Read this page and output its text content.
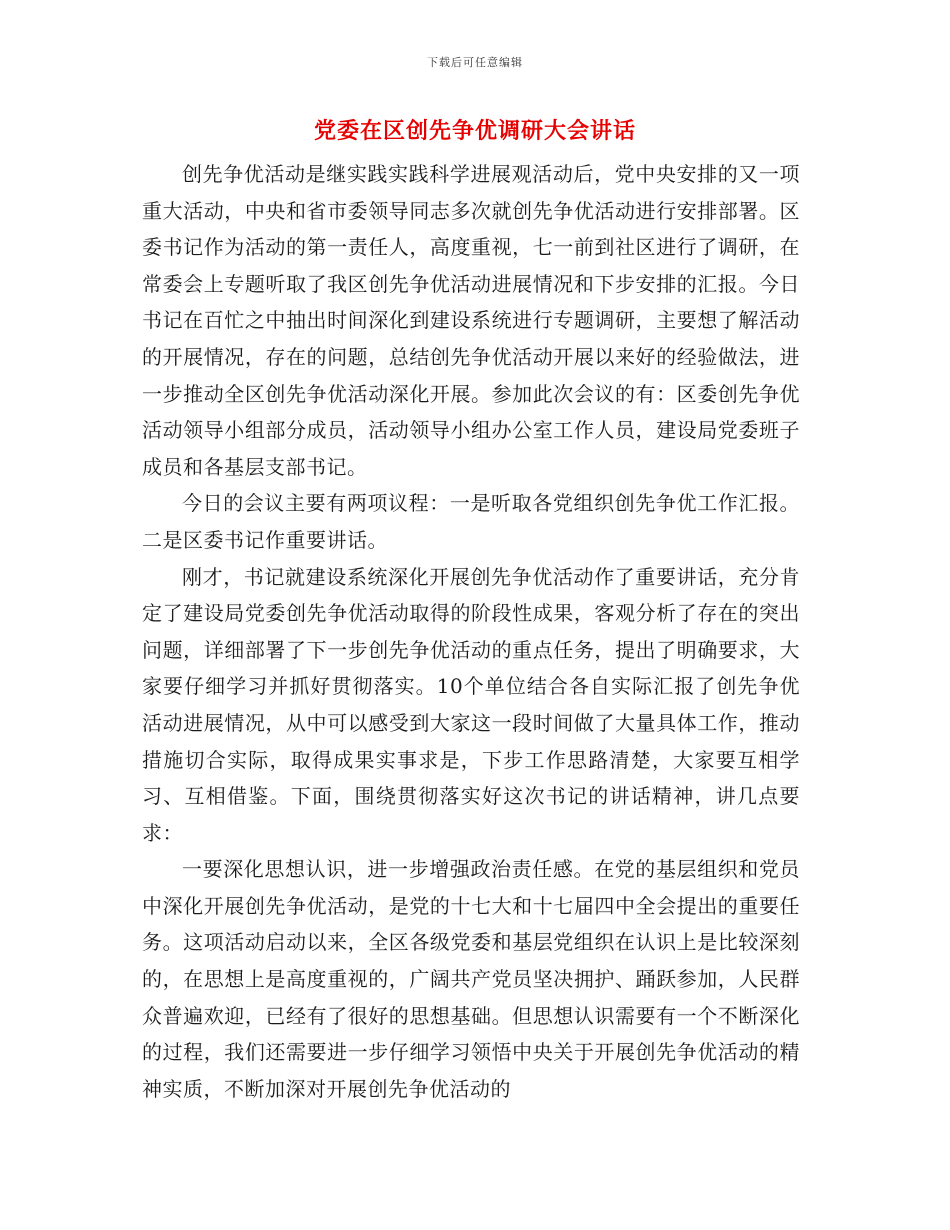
下载后可任意编辑
党委在区创先争优调研大会讲话

创先争优活动是继实践实践科学进展观活动后，党中央安排的又一项重大活动，中央和省市委领导同志多次就创先争优活动进行安排部署。区委书记作为活动的第一责任人，高度重视，七一前到社区进行了调研，在常委会上专题听取了我区创先争优活动进展情况和下步安排的汇报。今日书记在百忙之中抽出时间深化到建设系统进行专题调研，主要想了解活动的开展情况，存在的问题，总结创先争优活动开展以来好的经验做法，进一步推动全区创先争优活动深化开展。参加此次会议的有：区委创先争优活动领导小组部分成员，活动领导小组办公室工作人员，建设局党委班子成员和各基层支部书记。

今日的会议主要有两项议程：一是听取各党组织创先争优工作汇报。二是区委书记作重要讲话。

刚才，书记就建设系统深化开展创先争优活动作了重要讲话，充分肯定了建设局党委创先争优活动取得的阶段性成果，客观分析了存在的突出问题，详细部署了下一步创先争优活动的重点任务，提出了明确要求，大家要仔细学习并抓好贯彻落实。10个单位结合各自实际汇报了创先争优活动进展情况，从中可以感受到大家这一段时间做了大量具体工作，推动措施切合实际，取得成果实事求是，下步工作思路清楚，大家要互相学习、互相借鉴。下面，围绕贯彻落实好这次书记的讲话精神，讲几点要求：

一要深化思想认识，进一步增强政治责任感。在党的基层组织和党员中深化开展创先争优活动，是党的十七大和十七届四中全会提出的重要任务。这项活动启动以来，全区各级党委和基层党组织在认识上是比较深刻的，在思想上是高度重视的，广阔共产党员坚决拥护、踊跃参加，人民群众普遍欢迎，已经有了很好的思想基础。但思想认识需要有一个不断深化的过程，我们还需要进一步仔细学习领悟中央关于开展创先争优活动的精神实质，不断加深对开展创先争优活动的
